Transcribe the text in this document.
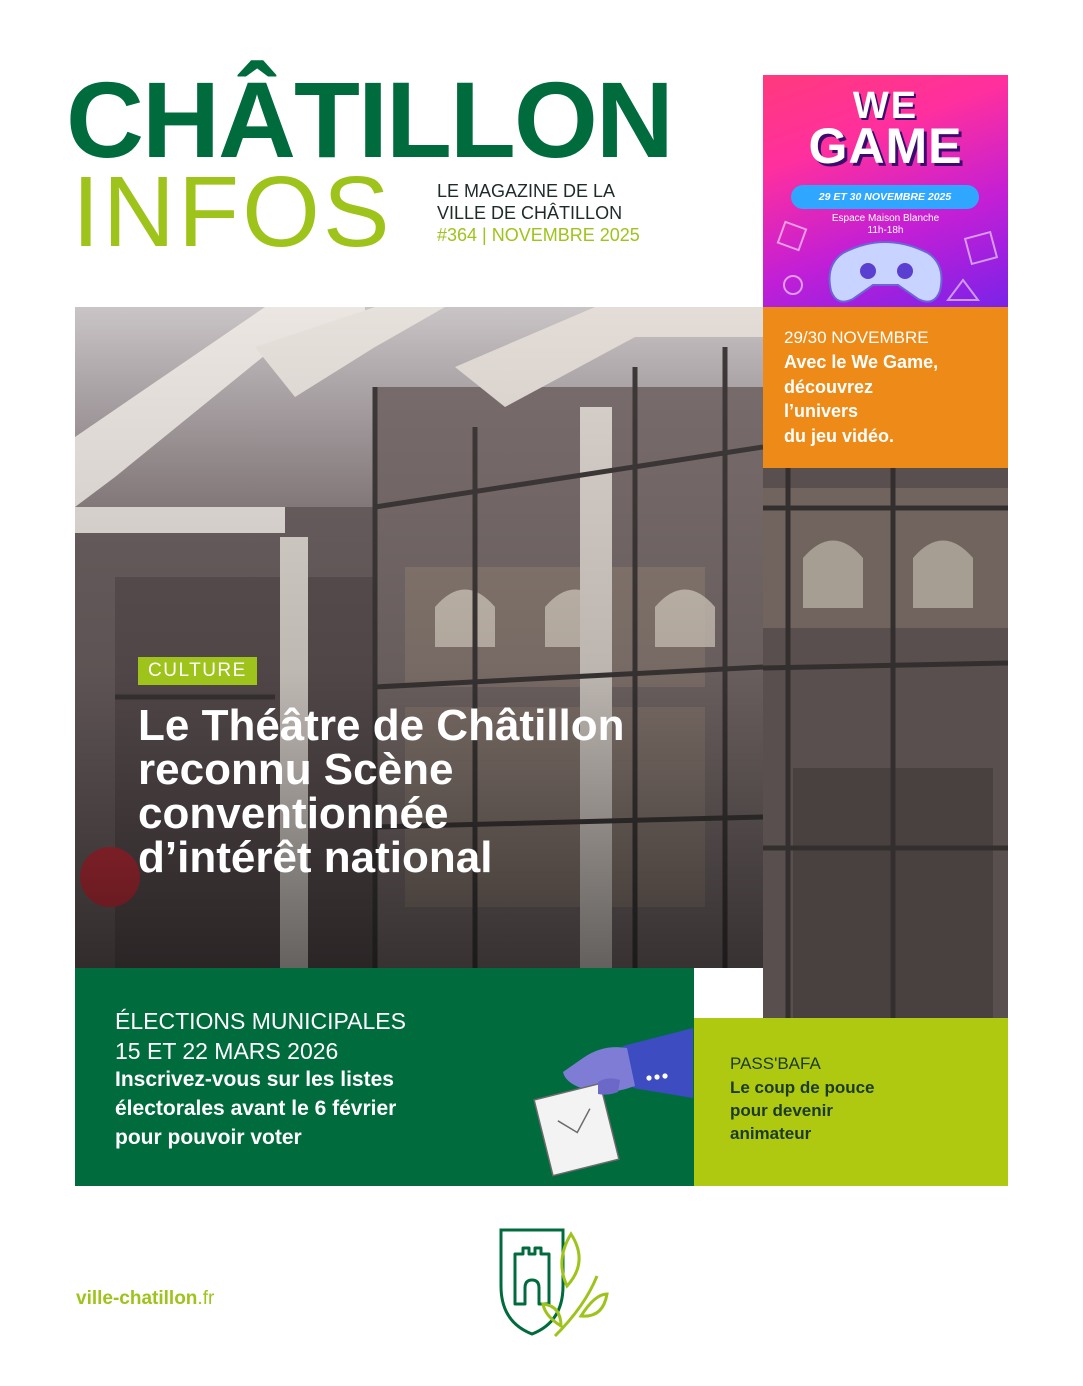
CHÂTILLON
INFOS LE MAGAZINE DE LA
VILLE DE CHÂTILLON
#364 | NOVEMBRE 2025
CULTURE
Le Théâtre de Châtillon
reconnu Scène
conventionnée
d’intérêt national
WE
GAME
29 ET 30 NOVEMBRE 2025
Espace Maison Blanche
11h-18h
29/30 NOVEMBRE
Avec le We Game,
découvrez
l’univers
du jeu vidéo.
ÉLECTIONS MUNICIPALES
15 ET 22 MARS 2026
Inscrivez-vous sur les listes
électorales avant le 6 février
pour pouvoir voter
PASS'BAFA
Le coup de pouce
pour devenir
animateur
ville-chatillon.fr
